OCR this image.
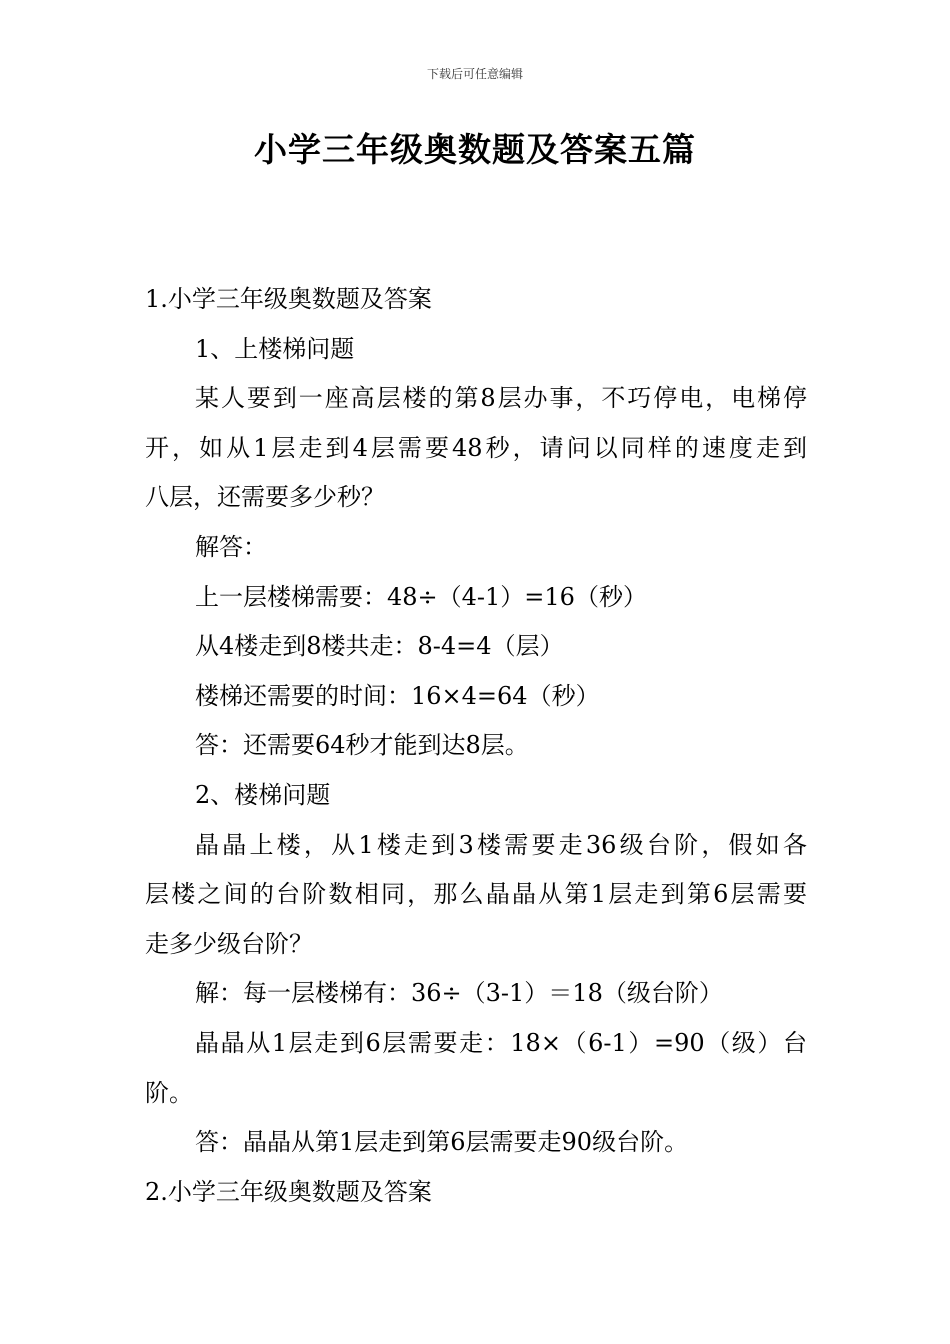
下载后可任意编辑
小学三年级奥数题及答案五篇
1.小学三年级奥数题及答案
1、上楼梯问题
某人要到一座高层楼的第8层办事，不巧停电，电梯停
开，如从1层走到4层需要48秒，请问以同样的速度走到
八层，还需要多少秒？
解答：
上一层楼梯需要：48÷（4-1）=16（秒）
从4楼走到8楼共走：8-4=4（层）
楼梯还需要的时间：16×4=64（秒）
答：还需要64秒才能到达8层。
2、楼梯问题
晶晶上楼，从1楼走到3楼需要走36级台阶，假如各
层楼之间的台阶数相同，那么晶晶从第1层走到第6层需要
走多少级台阶？
解：每一层楼梯有：36÷（3-1）＝18（级台阶）
晶晶从1层走到6层需要走：18×（6-1）=90（级）台
阶。
答：晶晶从第1层走到第6层需要走90级台阶。
2.小学三年级奥数题及答案
